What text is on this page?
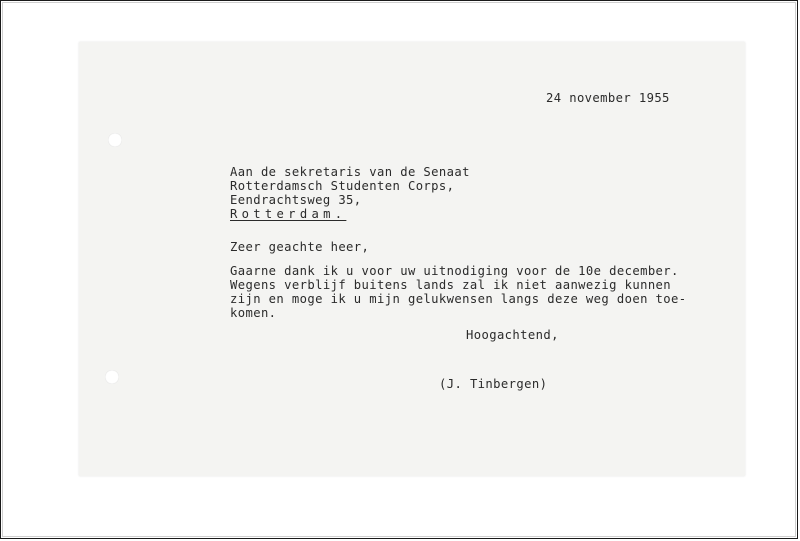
24 november 1955
Aan de sekretaris van de Senaat
Rotterdamsch Studenten Corps,
Eendrachtsweg 35,
Rotterdam.
Zeer geachte heer,
Gaarne dank ik u voor uw uitnodiging voor de 10e december.
Wegens verblijf buitens lands zal ik niet aanwezig kunnen
zijn en moge ik u mijn gelukwensen langs deze weg doen toe-
komen.
Hoogachtend,
(J. Tinbergen)
